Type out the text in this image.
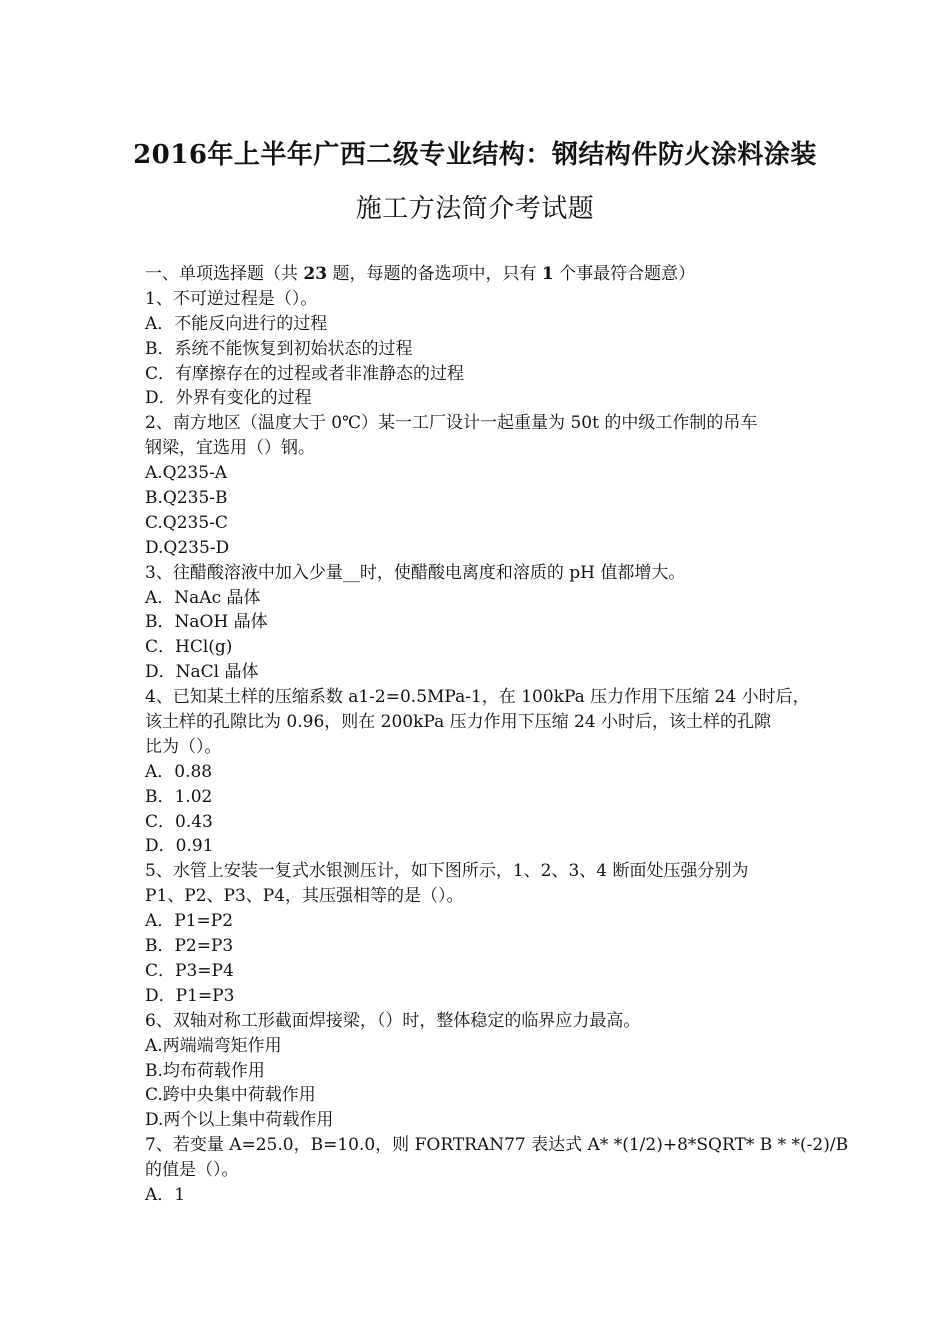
2016年上半年广西二级专业结构：钢结构件防火涂料涂装
施工方法简介考试题
一、单项选择题（共 23 题，每题的备选项中，只有 1 个事最符合题意）
1、不可逆过程是（）。
A．不能反向进行的过程
B．系统不能恢复到初始状态的过程
C．有摩擦存在的过程或者非准静态的过程
D．外界有变化的过程
2、南方地区（温度大于 0℃）某一工厂设计一起重量为 50t 的中级工作制的吊车
钢梁，宜选用（）钢。
A.Q235-A
B.Q235-B
C.Q235-C
D.Q235-D
3、往醋酸溶液中加入少量__时，使醋酸电离度和溶质的 pH 值都增大。
A．NaAc 晶体
B．NaOH 晶体
C．HCl(g)
D．NaCl 晶体
4、已知某土样的压缩系数 a1-2=0.5MPa-1，在 100kPa 压力作用下压缩 24 小时后，
该土样的孔隙比为 0.96，则在 200kPa 压力作用下压缩 24 小时后，该土样的孔隙
比为（）。
A．0.88
B．1.02
C．0.43
D．0.91
5、水管上安装一复式水银测压计，如下图所示，1、2、3、4 断面处压强分别为
P1、P2、P3、P4，其压强相等的是（）。
A．P1=P2
B．P2=P3
C．P3=P4
D．P1=P3
6、双轴对称工形截面焊接梁，（）时，整体稳定的临界应力最高。
A.两端端弯矩作用
B.均布荷载作用
C.跨中央集中荷载作用
D.两个以上集中荷载作用
7、若变量 A=25.0，B=10.0，则 FORTRAN77 表达式 A* *(1/2)+8*SQRT* B * *(-2)/B
的值是（）。
A．1
